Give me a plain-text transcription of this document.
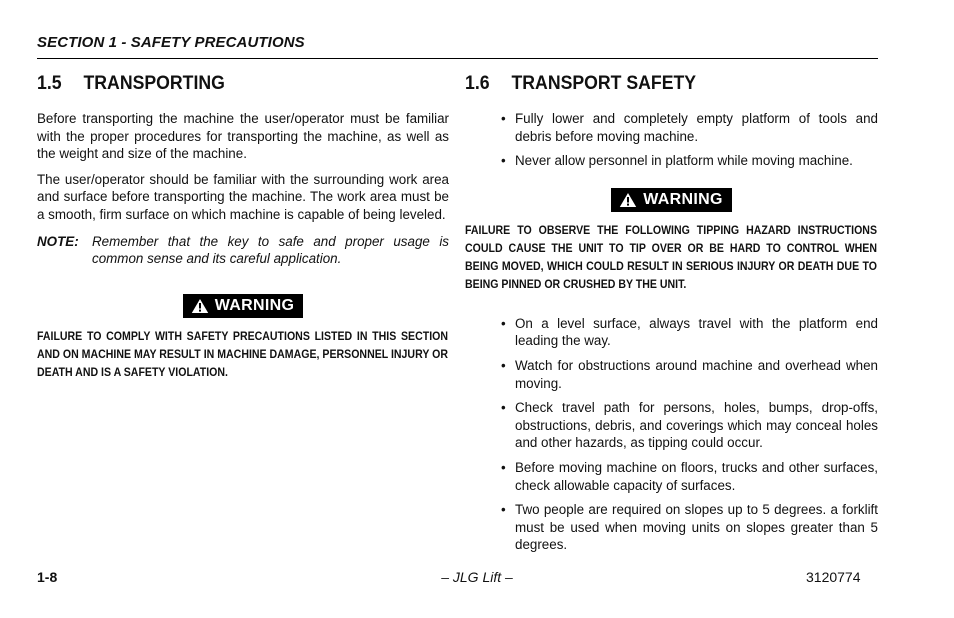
SECTION 1 - SAFETY PRECAUTIONS
1.5 TRANSPORTING

Before transporting the machine the user/operator must be familiar with the proper procedures for transporting the machine, as well as the weight and size of the machine.

The user/operator should be familiar with the surrounding work area and surface before transporting the machine. The work area must be a smooth, firm surface on which machine is capable of being leveled.

NOTE: Remember that the key to safe and proper usage is common sense and its careful application.
WARNING
FAILURE TO COMPLY WITH SAFETY PRECAUTIONS LISTED IN THIS SECTION AND ON MACHINE MAY RESULT IN MACHINE DAMAGE, PERSONNEL INJURY OR DEATH AND IS A SAFETY VIOLATION.
1.6 TRANSPORT SAFETY
• Fully lower and completely empty platform of tools and debris before moving machine.
• Never allow personnel in platform while moving machine.
WARNING
FAILURE TO OBSERVE THE FOLLOWING TIPPING HAZARD INSTRUCTIONS COULD CAUSE THE UNIT TO TIP OVER OR BE HARD TO CONTROL WHEN BEING MOVED, WHICH COULD RESULT IN SERIOUS INJURY OR DEATH DUE TO BEING PINNED OR CRUSHED BY THE UNIT.
• On a level surface, always travel with the platform end leading the way.
• Watch for obstructions around machine and overhead when moving.
• Check travel path for persons, holes, bumps, drop-offs, obstructions, debris, and coverings which may conceal holes and other hazards, as tipping could occur.
• Before moving machine on floors, trucks and other surfaces, check allowable capacity of surfaces.
• Two people are required on slopes up to 5 degrees. a forklift must be used when moving units on slopes greater than 5 degrees.
1-8	– JLG Lift –	3120774
